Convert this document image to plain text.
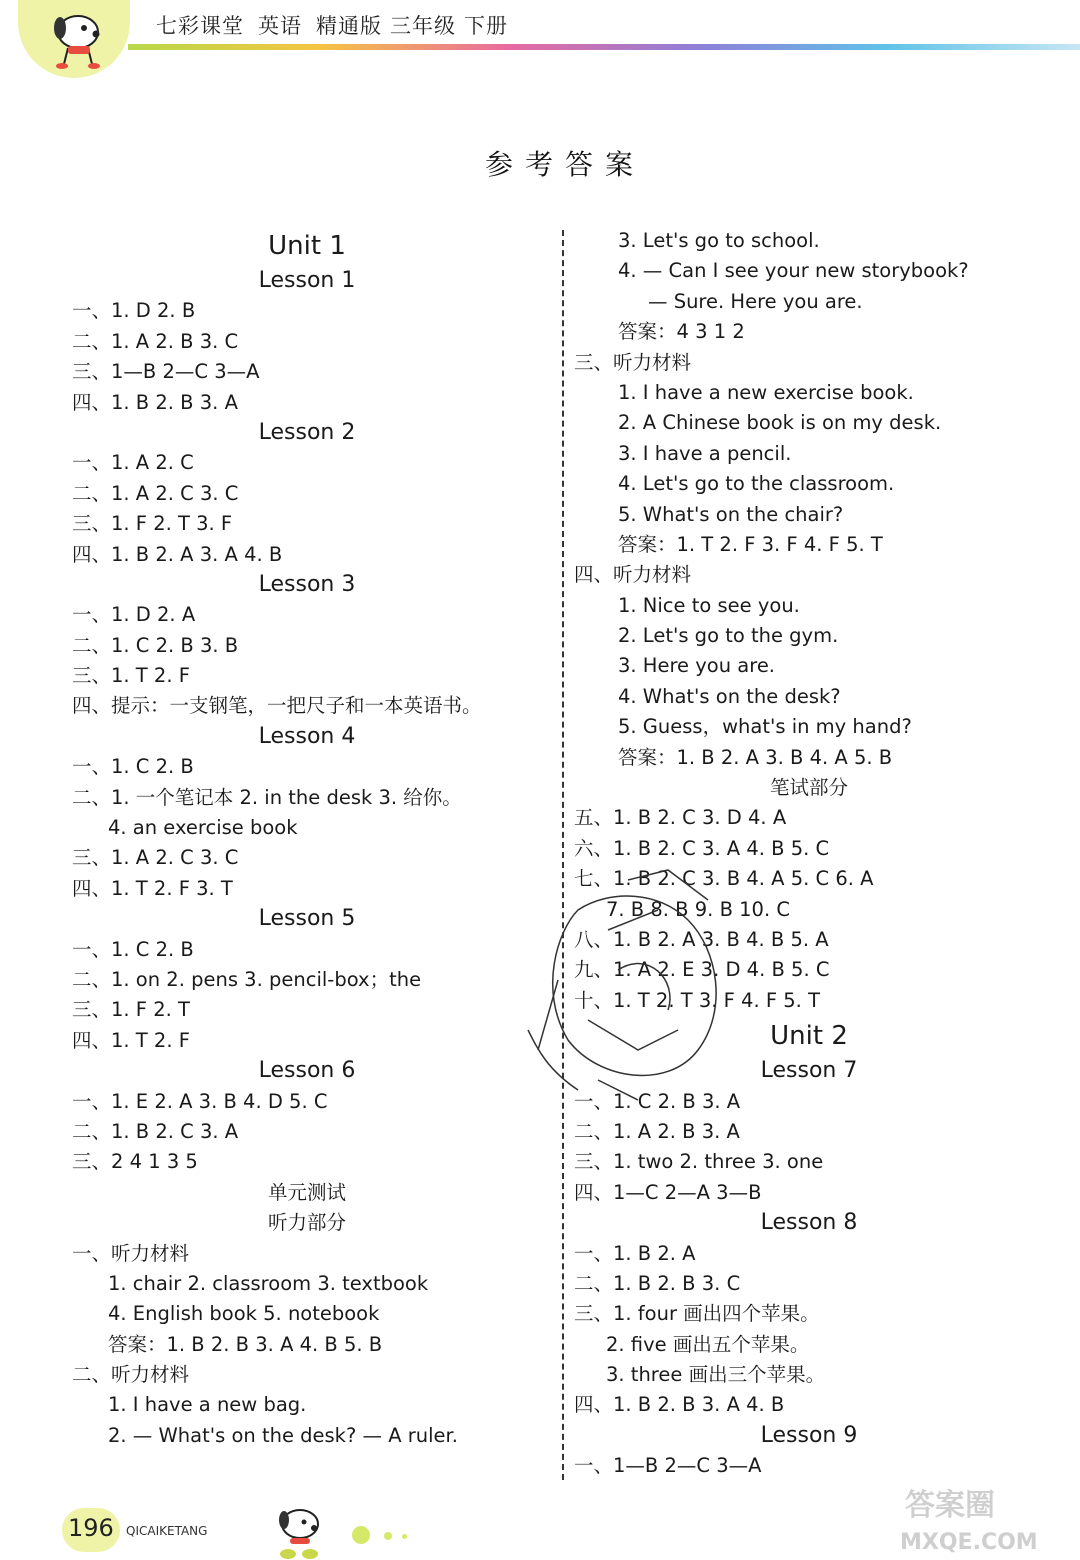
七彩课堂 英语 精通版 三年级 下册
参考答案
Unit 1
Lesson 1
一、1. D 2. B
二、1. A 2. B 3. C
三、1—B 2—C 3—A
四、1. B 2. B 3. A
Lesson 2
一、1. A 2. C
二、1. A 2. C 3. C
三、1. F 2. T 3. F
四、1. B 2. A 3. A 4. B
Lesson 3
一、1. D 2. A
二、1. C 2. B 3. B
三、1. T 2. F
四、提示：一支钢笔，一把尺子和一本英语书。
Lesson 4
一、1. C 2. B
二、1. 一个笔记本 2. in the desk 3. 给你。
4. an exercise book
三、1. A 2. C 3. C
四、1. T 2. F 3. T
Lesson 5
一、1. C 2. B
二、1. on 2. pens 3. pencil-box；the
三、1. F 2. T
四、1. T 2. F
Lesson 6
一、1. E 2. A 3. B 4. D 5. C
二、1. B 2. C 3. A
三、2 4 1 3 5
单元测试
听力部分
一、听力材料
1. chair 2. classroom 3. textbook
4. English book 5. notebook
答案：1. B 2. B 3. A 4. B 5. B
二、听力材料
1. I have a new bag.
2. — What's on the desk? — A ruler.
3. Let's go to school.
4. — Can I see your new storybook?
— Sure. Here you are.
答案：4 3 1 2
三、听力材料
1. I have a new exercise book.
2. A Chinese book is on my desk.
3. I have a pencil.
4. Let's go to the classroom.
5. What's on the chair?
答案：1. T 2. F 3. F 4. F 5. T
四、听力材料
1. Nice to see you.
2. Let's go to the gym.
3. Here you are.
4. What's on the desk?
5. Guess，what's in my hand?
答案：1. B 2. A 3. B 4. A 5. B
笔试部分
五、1. B 2. C 3. D 4. A
六、1. B 2. C 3. A 4. B 5. C
七、1. B 2. C 3. B 4. A 5. C 6. A
7. B 8. B 9. B 10. C
八、1. B 2. A 3. B 4. B 5. A
九、1. A 2. E 3. D 4. B 5. C
十、1. T 2. T 3. F 4. F 5. T
Unit 2
Lesson 7
一、1. C 2. B 3. A
二、1. A 2. B 3. A
三、1. two 2. three 3. one
四、1—C 2—A 3—B
Lesson 8
一、1. B 2. A
二、1. B 2. B 3. C
三、1. four 画出四个苹果。
2. five 画出五个苹果。
3. three 画出三个苹果。
四、1. B 2. B 3. A 4. B
Lesson 9
一、1—B 2—C 3—A
196 QICAIKETANG
答案圈
MXQE.COM
